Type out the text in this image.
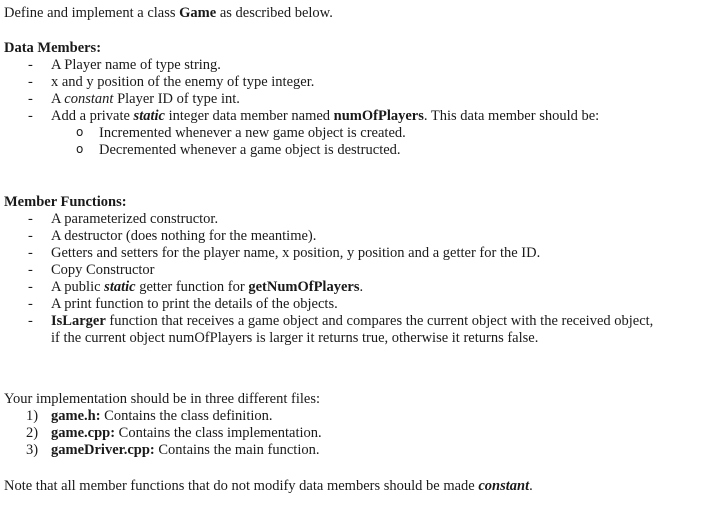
Define and implement a class Game as described below.

Data Members:

- A Player name of type string.
- x and y position of the enemy of type integer.
- A constant Player ID of type int.
- Add a private static integer data member named numOfPlayers. This data member should be:
o Incremented whenever a new game object is created.
o Decremented whenever a game object is destructed.

Member Functions:

- A parameterized constructor.
- A destructor (does nothing for the meantime).
- Getters and setters for the player name, x position, y position and a getter for the ID.
- Copy Constructor
- A public static getter function for getNumOfPlayers.
- A print function to print the details of the objects.
- IsLarger function that receives a game object and compares the current object with the received object, if the current object numOfPlayers is larger it returns true, otherwise it returns false.

Your implementation should be in three different files:

1) game.h: Contains the class definition.
2) game.cpp: Contains the class implementation.
3) gameDriver.cpp: Contains the main function.

Note that all member functions that do not modify data members should be made constant.
